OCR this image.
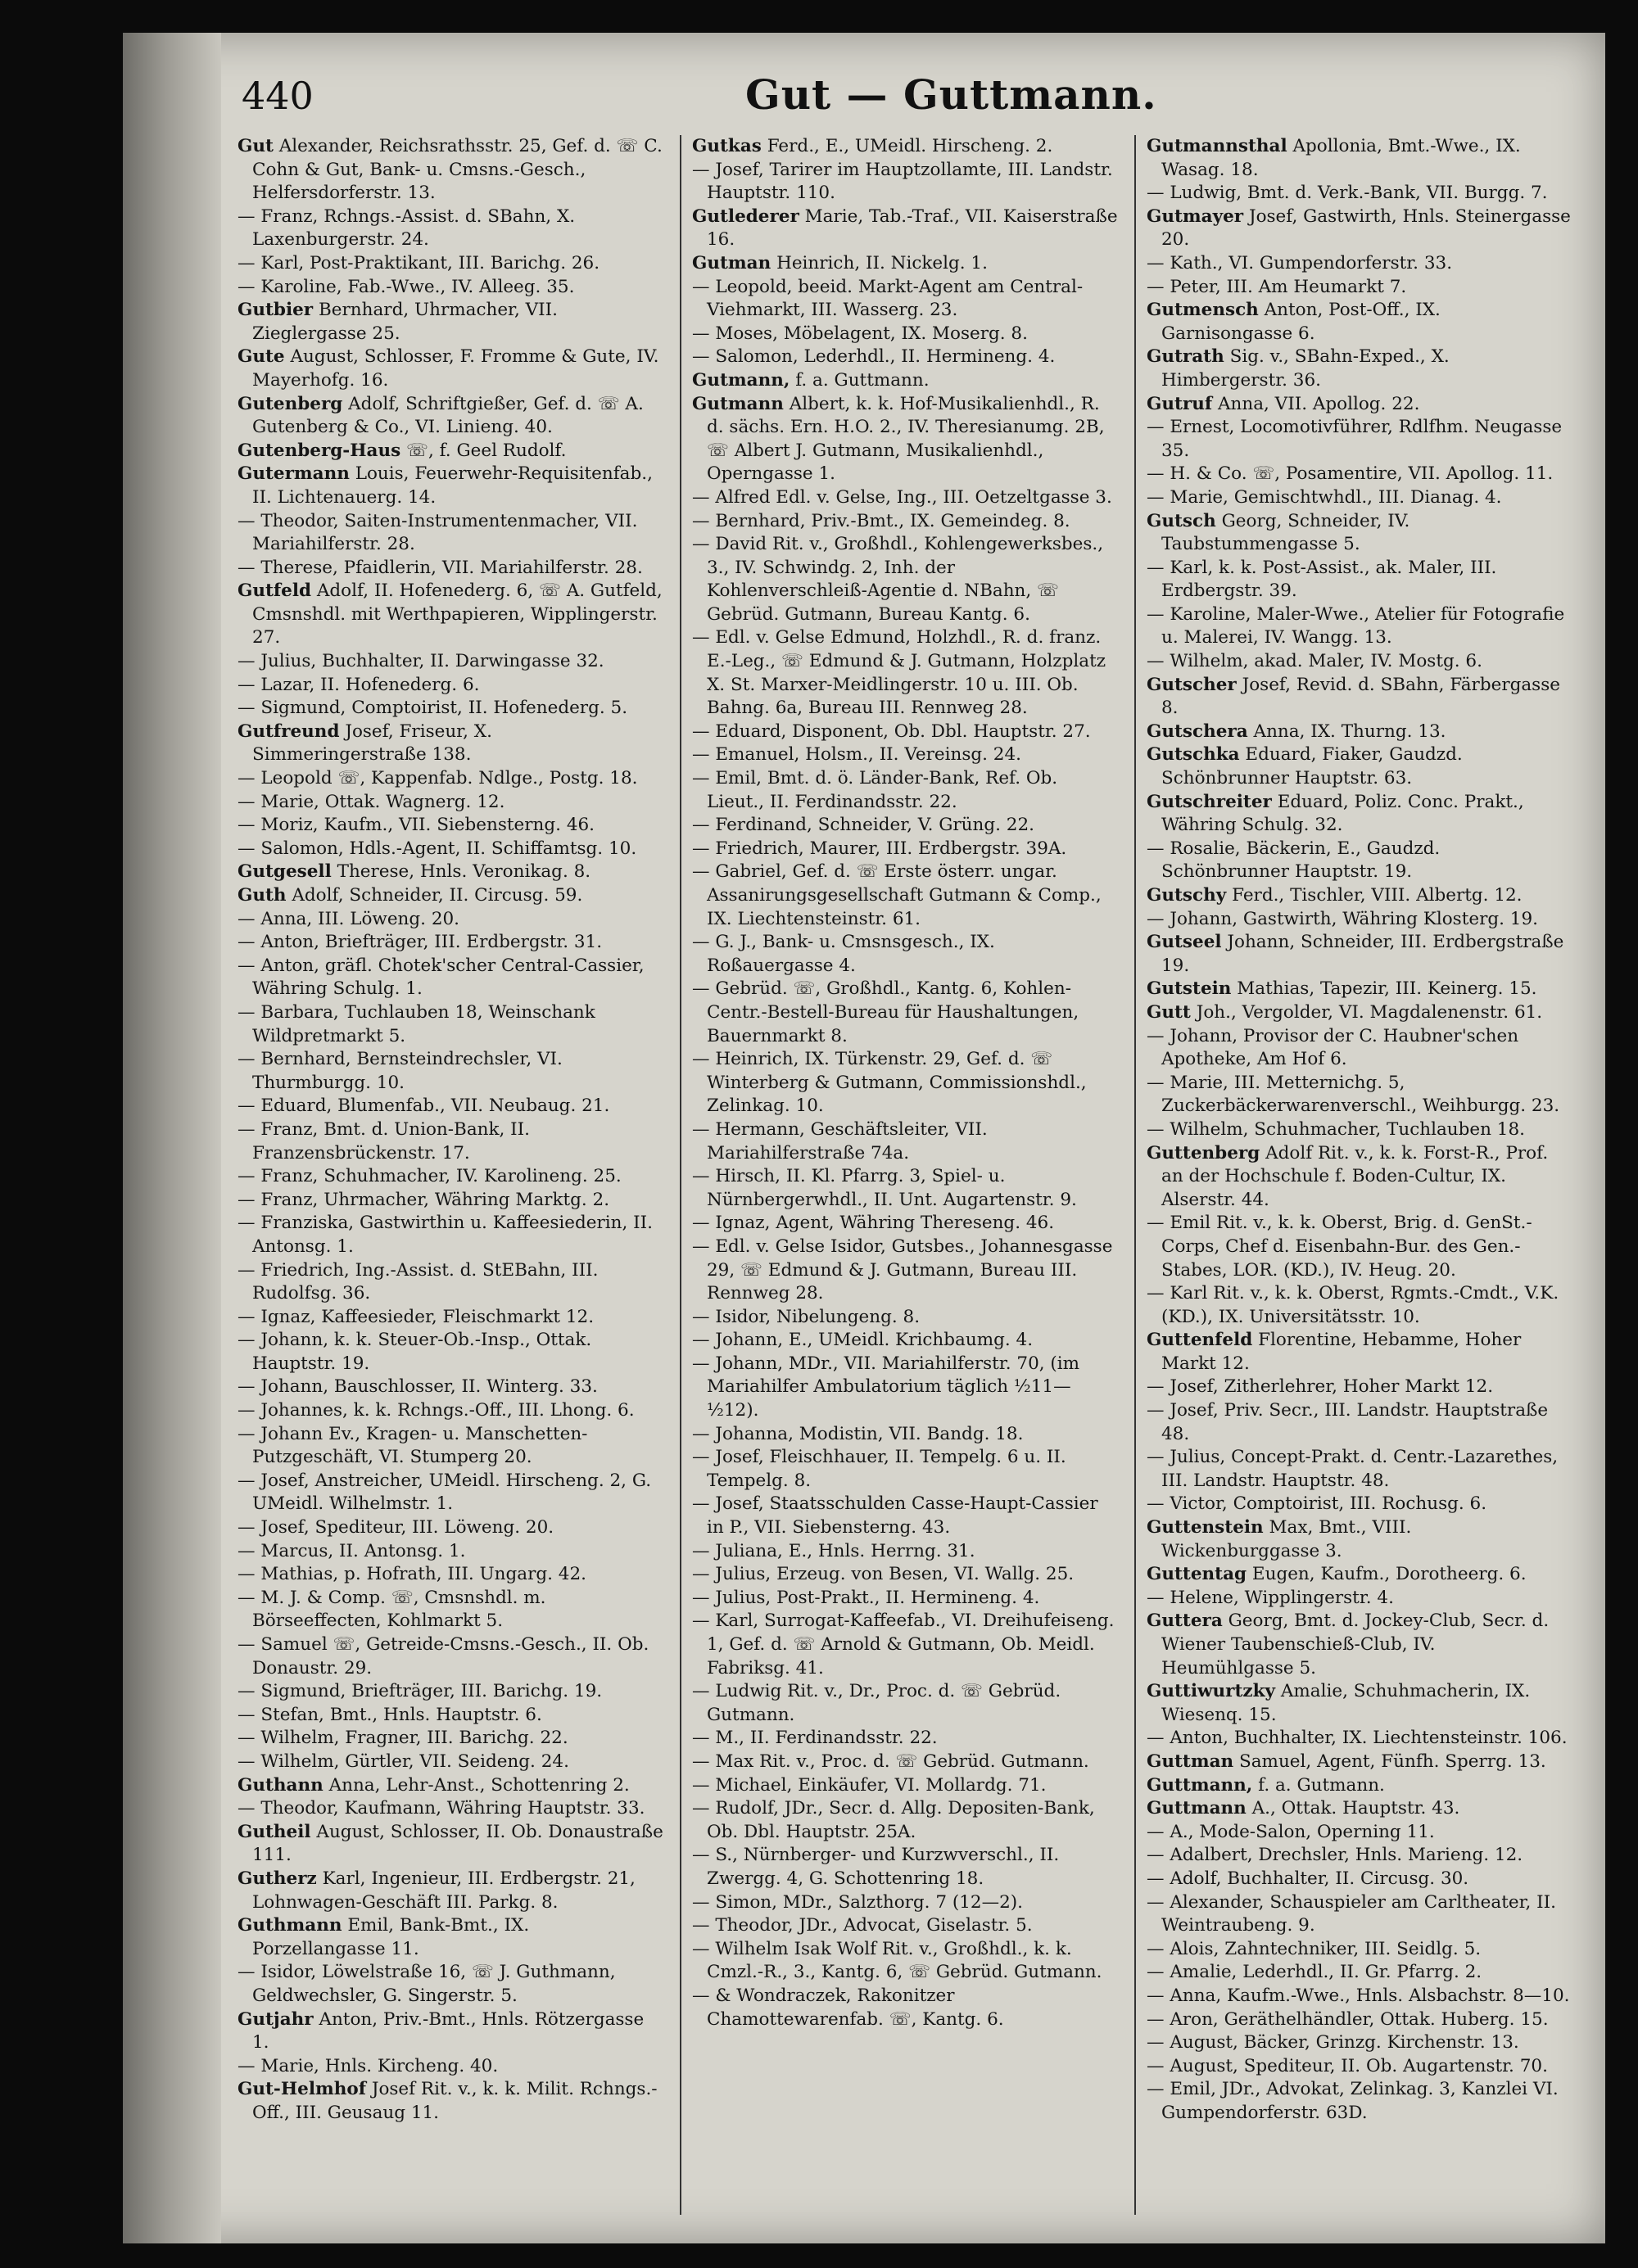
440	Gut — Guttmann.
Gut Alexander, Reichsrathsstr. 25, Gef. d. ☏ C. Cohn & Gut, Bank- u. Cmsns.-Gesch., Helfersdorferstr. 13.
— Franz, Rchngs.-Assist. d. SBahn, X. Laxenburgerstr. 24.
— Karl, Post-Praktikant, III. Barichg. 26.
— Karoline, Fab.-Wwe., IV. Alleeg. 35.
Gutbier Bernhard, Uhrmacher, VII. Zieglergasse 25.
Gute August, Schlosser, F. Fromme & Gute, IV. Mayerhofg. 16.
Gutenberg Adolf, Schriftgießer, Gef. d. ☏ A. Gutenberg & Co., VI. Linieng. 40.
Gutenberg-Haus ☏, f. Geel Rudolf.
Gutermann Louis, Feuerwehr-Requisitenfab., II. Lichtenauerg. 14.
— Theodor, Saiten-Instrumentenmacher, VII. Mariahilferstr. 28.
— Therese, Pfaidlerin, VII. Mariahilferstr. 28.
Gutfeld Adolf, II. Hofenederg. 6, ☏ A. Gutfeld, Cmsnshdl. mit Werthpapieren, Wipplingerstr. 27.
— Julius, Buchhalter, II. Darwingasse 32.
— Lazar, II. Hofenederg. 6.
— Sigmund, Comptoirist, II. Hofenederg. 5.
Gutfreund Josef, Friseur, X. Simmeringerstraße 138.
— Leopold ☏, Kappenfab. Ndlge., Postg. 18.
— Marie, Ottak. Wagnerg. 12.
— Moriz, Kaufm., VII. Siebensterng. 46.
— Salomon, Hdls.-Agent, II. Schiffamtsg. 10.
Gutgesell Therese, Hnls. Veronikag. 8.
Guth Adolf, Schneider, II. Circusg. 59.
— Anna, III. Löweng. 20.
— Anton, Briefträger, III. Erdbergstr. 31.
— Anton, gräfl. Chotek'scher Central-Cassier, Währing Schulg. 1.
— Barbara, Tuchlauben 18, Weinschank Wildpretmarkt 5.
— Bernhard, Bernsteindrechsler, VI. Thurmburgg. 10.
— Eduard, Blumenfab., VII. Neubaug. 21.
— Franz, Bmt. d. Union-Bank, II. Franzensbrückenstr. 17.
— Franz, Schuhmacher, IV. Karolineng. 25.
— Franz, Uhrmacher, Währing Marktg. 2.
— Franziska, Gastwirthin u. Kaffeesiederin, II. Antonsg. 1.
— Friedrich, Ing.-Assist. d. StEBahn, III. Rudolfsg. 36.
— Ignaz, Kaffeesieder, Fleischmarkt 12.
— Johann, k. k. Steuer-Ob.-Insp., Ottak. Hauptstr. 19.
— Johann, Bauschlosser, II. Winterg. 33.
— Johannes, k. k. Rchngs.-Off., III. Lhong. 6.
— Johann Ev., Kragen- u. Manschetten-Putzgeschäft, VI. Stumperg 20.
— Josef, Anstreicher, UMeidl. Hirscheng. 2, G. UMeidl. Wilhelmstr. 1.
— Josef, Spediteur, III. Löweng. 20.
— Marcus, II. Antonsg. 1.
— Mathias, p. Hofrath, III. Ungarg. 42.
— M. J. & Comp. ☏, Cmsnshdl. m. Börseeffecten, Kohlmarkt 5.
— Samuel ☏, Getreide-Cmsns.-Gesch., II. Ob. Donaustr. 29.
— Sigmund, Briefträger, III. Barichg. 19.
— Stefan, Bmt., Hnls. Hauptstr. 6.
— Wilhelm, Fragner, III. Barichg. 22.
— Wilhelm, Gürtler, VII. Seideng. 24.
Guthann Anna, Lehr-Anst., Schottenring 2.
— Theodor, Kaufmann, Währing Hauptstr. 33.
Gutheil August, Schlosser, II. Ob. Donaustraße 111.
Gutherz Karl, Ingenieur, III. Erdbergstr. 21, Lohnwagen-Geschäft III. Parkg. 8.
Guthmann Emil, Bank-Bmt., IX. Porzellangasse 11.
— Isidor, Löwelstraße 16, ☏ J. Guthmann, Geldwechsler, G. Singerstr. 5.
Gutjahr Anton, Priv.-Bmt., Hnls. Rötzergasse 1.
— Marie, Hnls. Kircheng. 40.
Gut-Helmhof Josef Rit. v., k. k. Milit. Rchngs.-Off., III. Geusaug 11.
Gutkas Ferd., E., UMeidl. Hirscheng. 2.
— Josef, Tarirer im Hauptzollamte, III. Landstr. Hauptstr. 110.
Gutlederer Marie, Tab.-Traf., VII. Kaiserstraße 16.
Gutman Heinrich, II. Nickelg. 1.
— Leopold, beeid. Markt-Agent am Central-Viehmarkt, III. Wasserg. 23.
— Moses, Möbelagent, IX. Moserg. 8.
— Salomon, Lederhdl., II. Hermineng. 4.
Gutmann, f. a. Guttmann.
Gutmann Albert, k. k. Hof-Musikalienhdl., R. d. sächs. Ern. H.O. 2., IV. Theresianumg. 2B, ☏ Albert J. Gutmann, Musikalienhdl., Operngasse 1.
— Alfred Edl. v. Gelse, Ing., III. Oetzeltgasse 3.
— Bernhard, Priv.-Bmt., IX. Gemeindeg. 8.
— David Rit. v., Großhdl., Kohlengewerksbes., 3., IV. Schwindg. 2, Inh. der Kohlenverschleiß-Agentie d. NBahn, ☏ Gebrüd. Gutmann, Bureau Kantg. 6.
— Edl. v. Gelse Edmund, Holzhdl., R. d. franz. E.-Leg., ☏ Edmund & J. Gutmann, Holzplatz X. St. Marxer-Meidlingerstr. 10 u. III. Ob. Bahng. 6a, Bureau III. Rennweg 28.
— Eduard, Disponent, Ob. Dbl. Hauptstr. 27.
— Emanuel, Holsm., II. Vereinsg. 24.
— Emil, Bmt. d. ö. Länder-Bank, Ref. Ob. Lieut., II. Ferdinandsstr. 22.
— Ferdinand, Schneider, V. Grüng. 22.
— Friedrich, Maurer, III. Erdbergstr. 39A.
— Gabriel, Gef. d. ☏ Erste österr. ungar. Assanirungsgesellschaft Gutmann & Comp., IX. Liechtensteinstr. 61.
— G. J., Bank- u. Cmsnsgesch., IX. Roßauergasse 4.
— Gebrüd. ☏, Großhdl., Kantg. 6, Kohlen-Centr.-Bestell-Bureau für Haushaltungen, Bauernmarkt 8.
— Heinrich, IX. Türkenstr. 29, Gef. d. ☏ Winterberg & Gutmann, Commissionshdl., Zelinkag. 10.
— Hermann, Geschäftsleiter, VII. Mariahilferstraße 74a.
— Hirsch, II. Kl. Pfarrg. 3, Spiel- u. Nürnbergerwhdl., II. Unt. Augartenstr. 9.
— Ignaz, Agent, Währing Thereseng. 46.
— Edl. v. Gelse Isidor, Gutsbes., Johannesgasse 29, ☏ Edmund & J. Gutmann, Bureau III. Rennweg 28.
— Isidor, Nibelungeng. 8.
— Johann, E., UMeidl. Krichbaumg. 4.
— Johann, MDr., VII. Mariahilferstr. 70, (im Mariahilfer Ambulatorium täglich ½11—½12).
— Johanna, Modistin, VII. Bandg. 18.
— Josef, Fleischhauer, II. Tempelg. 6 u. II. Tempelg. 8.
— Josef, Staatsschulden Casse-Haupt-Cassier in P., VII. Siebensterng. 43.
— Juliana, E., Hnls. Herrng. 31.
— Julius, Erzeug. von Besen, VI. Wallg. 25.
— Julius, Post-Prakt., II. Hermineng. 4.
— Karl, Surrogat-Kaffeefab., VI. Dreihufeiseng. 1, Gef. d. ☏ Arnold & Gutmann, Ob. Meidl. Fabriksg. 41.
— Ludwig Rit. v., Dr., Proc. d. ☏ Gebrüd. Gutmann.
— M., II. Ferdinandsstr. 22.
— Max Rit. v., Proc. d. ☏ Gebrüd. Gutmann.
— Michael, Einkäufer, VI. Mollardg. 71.
— Rudolf, JDr., Secr. d. Allg. Depositen-Bank, Ob. Dbl. Hauptstr. 25A.
— S., Nürnberger- und Kurzwverschl., II. Zwergg. 4, G. Schottenring 18.
— Simon, MDr., Salzthorg. 7 (12—2).
— Theodor, JDr., Advocat, Giselastr. 5.
— Wilhelm Isak Wolf Rit. v., Großhdl., k. k. Cmzl.-R., 3., Kantg. 6, ☏ Gebrüd. Gutmann.
— & Wondraczek, Rakonitzer Chamottewarenfab. ☏, Kantg. 6.
Gutmannsthal Apollonia, Bmt.-Wwe., IX. Wasag. 18.
— Ludwig, Bmt. d. Verk.-Bank, VII. Burgg. 7.
Gutmayer Josef, Gastwirth, Hnls. Steinergasse 20.
— Kath., VI. Gumpendorferstr. 33.
— Peter, III. Am Heumarkt 7.
Gutmensch Anton, Post-Off., IX. Garnisongasse 6.
Gutrath Sig. v., SBahn-Exped., X. Himbergerstr. 36.
Gutruf Anna, VII. Apollog. 22.
— Ernest, Locomotivführer, Rdlfhm. Neugasse 35.
— H. & Co. ☏, Posamentire, VII. Apollog. 11.
— Marie, Gemischtwhdl., III. Dianag. 4.
Gutsch Georg, Schneider, IV. Taubstummengasse 5.
— Karl, k. k. Post-Assist., ak. Maler, III. Erdbergstr. 39.
— Karoline, Maler-Wwe., Atelier für Fotografie u. Malerei, IV. Wangg. 13.
— Wilhelm, akad. Maler, IV. Mostg. 6.
Gutscher Josef, Revid. d. SBahn, Färbergasse 8.
Gutschera Anna, IX. Thurng. 13.
Gutschka Eduard, Fiaker, Gaudzd. Schönbrunner Hauptstr. 63.
Gutschreiter Eduard, Poliz. Conc. Prakt., Währing Schulg. 32.
— Rosalie, Bäckerin, E., Gaudzd. Schönbrunner Hauptstr. 19.
Gutschy Ferd., Tischler, VIII. Albertg. 12.
— Johann, Gastwirth, Währing Klosterg. 19.
Gutseel Johann, Schneider, III. Erdbergstraße 19.
Gutstein Mathias, Tapezir, III. Keinerg. 15.
Gutt Joh., Vergolder, VI. Magdalenenstr. 61.
— Johann, Provisor der C. Haubner'schen Apotheke, Am Hof 6.
— Marie, III. Metternichg. 5, Zuckerbäckerwarenverschl., Weihburgg. 23.
— Wilhelm, Schuhmacher, Tuchlauben 18.
Guttenberg Adolf Rit. v., k. k. Forst-R., Prof. an der Hochschule f. Boden-Cultur, IX. Alserstr. 44.
— Emil Rit. v., k. k. Oberst, Brig. d. GenSt.-Corps, Chef d. Eisenbahn-Bur. des Gen.-Stabes, LOR. (KD.), IV. Heug. 20.
— Karl Rit. v., k. k. Oberst, Rgmts.-Cmdt., V.K. (KD.), IX. Universitätsstr. 10.
Guttenfeld Florentine, Hebamme, Hoher Markt 12.
— Josef, Zitherlehrer, Hoher Markt 12.
— Josef, Priv. Secr., III. Landstr. Hauptstraße 48.
— Julius, Concept-Prakt. d. Centr.-Lazarethes, III. Landstr. Hauptstr. 48.
— Victor, Comptoirist, III. Rochusg. 6.
Guttenstein Max, Bmt., VIII. Wickenburggasse 3.
Guttentag Eugen, Kaufm., Dorotheerg. 6.
— Helene, Wipplingerstr. 4.
Guttera Georg, Bmt. d. Jockey-Club, Secr. d. Wiener Taubenschieß-Club, IV. Heumühlgasse 5.
Guttiwurtzky Amalie, Schuhmacherin, IX. Wiesenq. 15.
— Anton, Buchhalter, IX. Liechtensteinstr. 106.
Guttman Samuel, Agent, Fünfh. Sperrg. 13.
Guttmann, f. a. Gutmann.
Guttmann A., Ottak. Hauptstr. 43.
— A., Mode-Salon, Operning 11.
— Adalbert, Drechsler, Hnls. Marieng. 12.
— Adolf, Buchhalter, II. Circusg. 30.
— Alexander, Schauspieler am Carltheater, II. Weintraubeng. 9.
— Alois, Zahntechniker, III. Seidlg. 5.
— Amalie, Lederhdl., II. Gr. Pfarrg. 2.
— Anna, Kaufm.-Wwe., Hnls. Alsbachstr. 8—10.
— Aron, Geräthelhändler, Ottak. Huberg. 15.
— August, Bäcker, Grinzg. Kirchenstr. 13.
— August, Spediteur, II. Ob. Augartenstr. 70.
— Emil, JDr., Advokat, Zelinkag. 3, Kanzlei VI. Gumpendorferstr. 63D.
